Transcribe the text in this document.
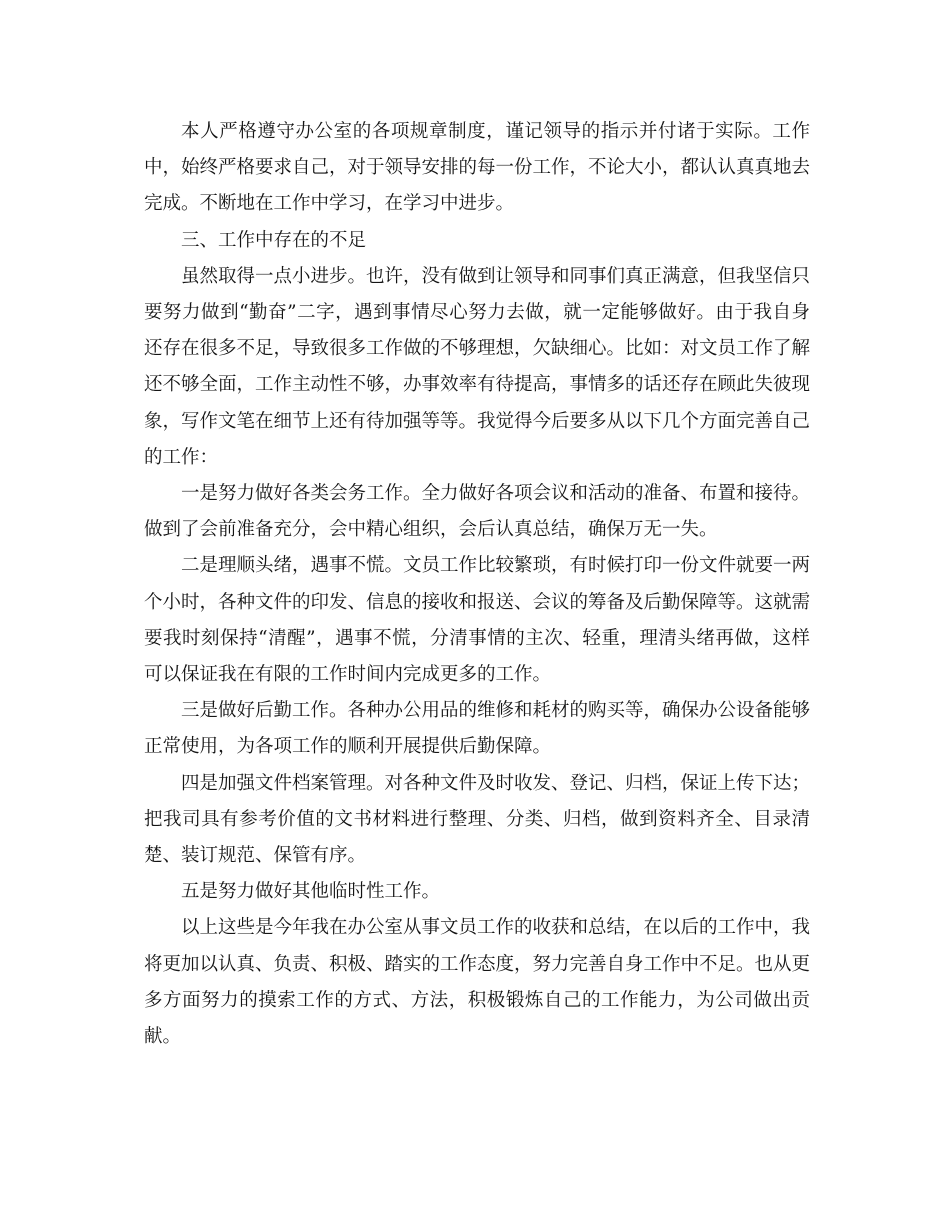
本人严格遵守办公室的各项规章制度，谨记领导的指示并付诸于实际。工作中，始终严格要求自己，对于领导安排的每一份工作，不论大小，都认认真真地去完成。不断地在工作中学习，在学习中进步。

三、工作中存在的不足

虽然取得一点小进步。也许，没有做到让领导和同事们真正满意，但我坚信只要努力做到“勤奋”二字，遇到事情尽心努力去做，就一定能够做好。由于我自身还存在很多不足，导致很多工作做的不够理想，欠缺细心。比如：对文员工作了解还不够全面，工作主动性不够，办事效率有待提高，事情多的话还存在顾此失彼现象，写作文笔在细节上还有待加强等等。我觉得今后要多从以下几个方面完善自己的工作：

一是努力做好各类会务工作。全力做好各项会议和活动的准备、布置和接待。做到了会前准备充分，会中精心组织，会后认真总结，确保万无一失。

二是理顺头绪，遇事不慌。文员工作比较繁琐，有时候打印一份文件就要一两个小时，各种文件的印发、信息的接收和报送、会议的筹备及后勤保障等。这就需要我时刻保持“清醒”，遇事不慌，分清事情的主次、轻重，理清头绪再做，这样可以保证我在有限的工作时间内完成更多的工作。

三是做好后勤工作。各种办公用品的维修和耗材的购买等，确保办公设备能够正常使用，为各项工作的顺利开展提供后勤保障。

四是加强文件档案管理。对各种文件及时收发、登记、归档，保证上传下达；把我司具有参考价值的文书材料进行整理、分类、归档，做到资料齐全、目录清楚、装订规范、保管有序。

五是努力做好其他临时性工作。

以上这些是今年我在办公室从事文员工作的收获和总结，在以后的工作中，我将更加以认真、负责、积极、踏实的工作态度，努力完善自身工作中不足。也从更多方面努力的摸索工作的方式、方法，积极锻炼自己的工作能力，为公司做出贡献。
